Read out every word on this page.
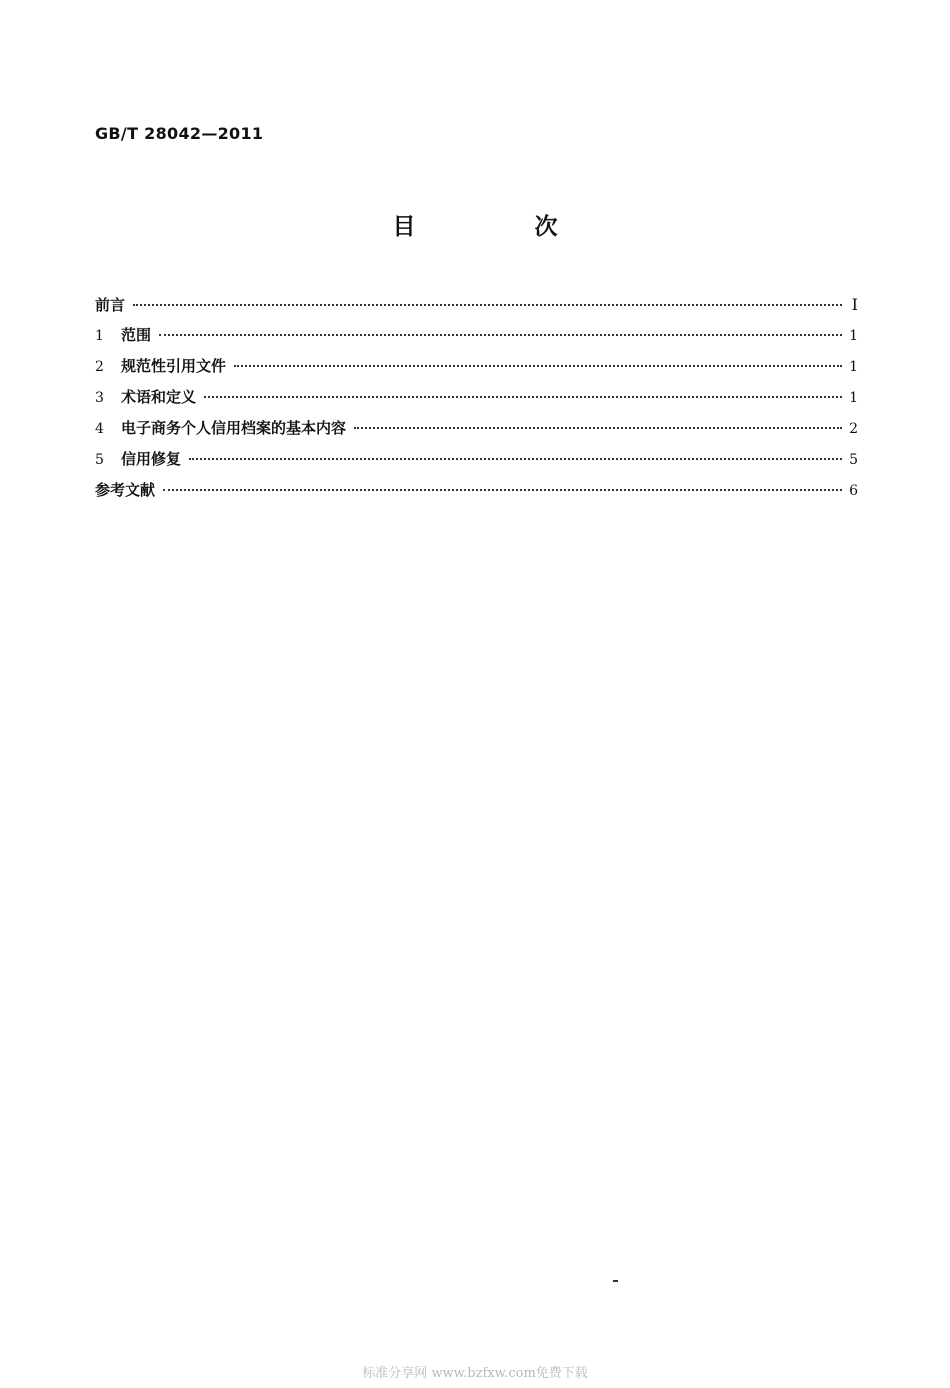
GB/T 28042—2011
目　次
前言	Ⅰ
1	范围	1
2	规范性引用文件	1
3	术语和定义	1
4	电子商务个人信用档案的基本内容	2
5	信用修复	5
参考文献	6
标准分享网 www.bzfxw.com免费下载
